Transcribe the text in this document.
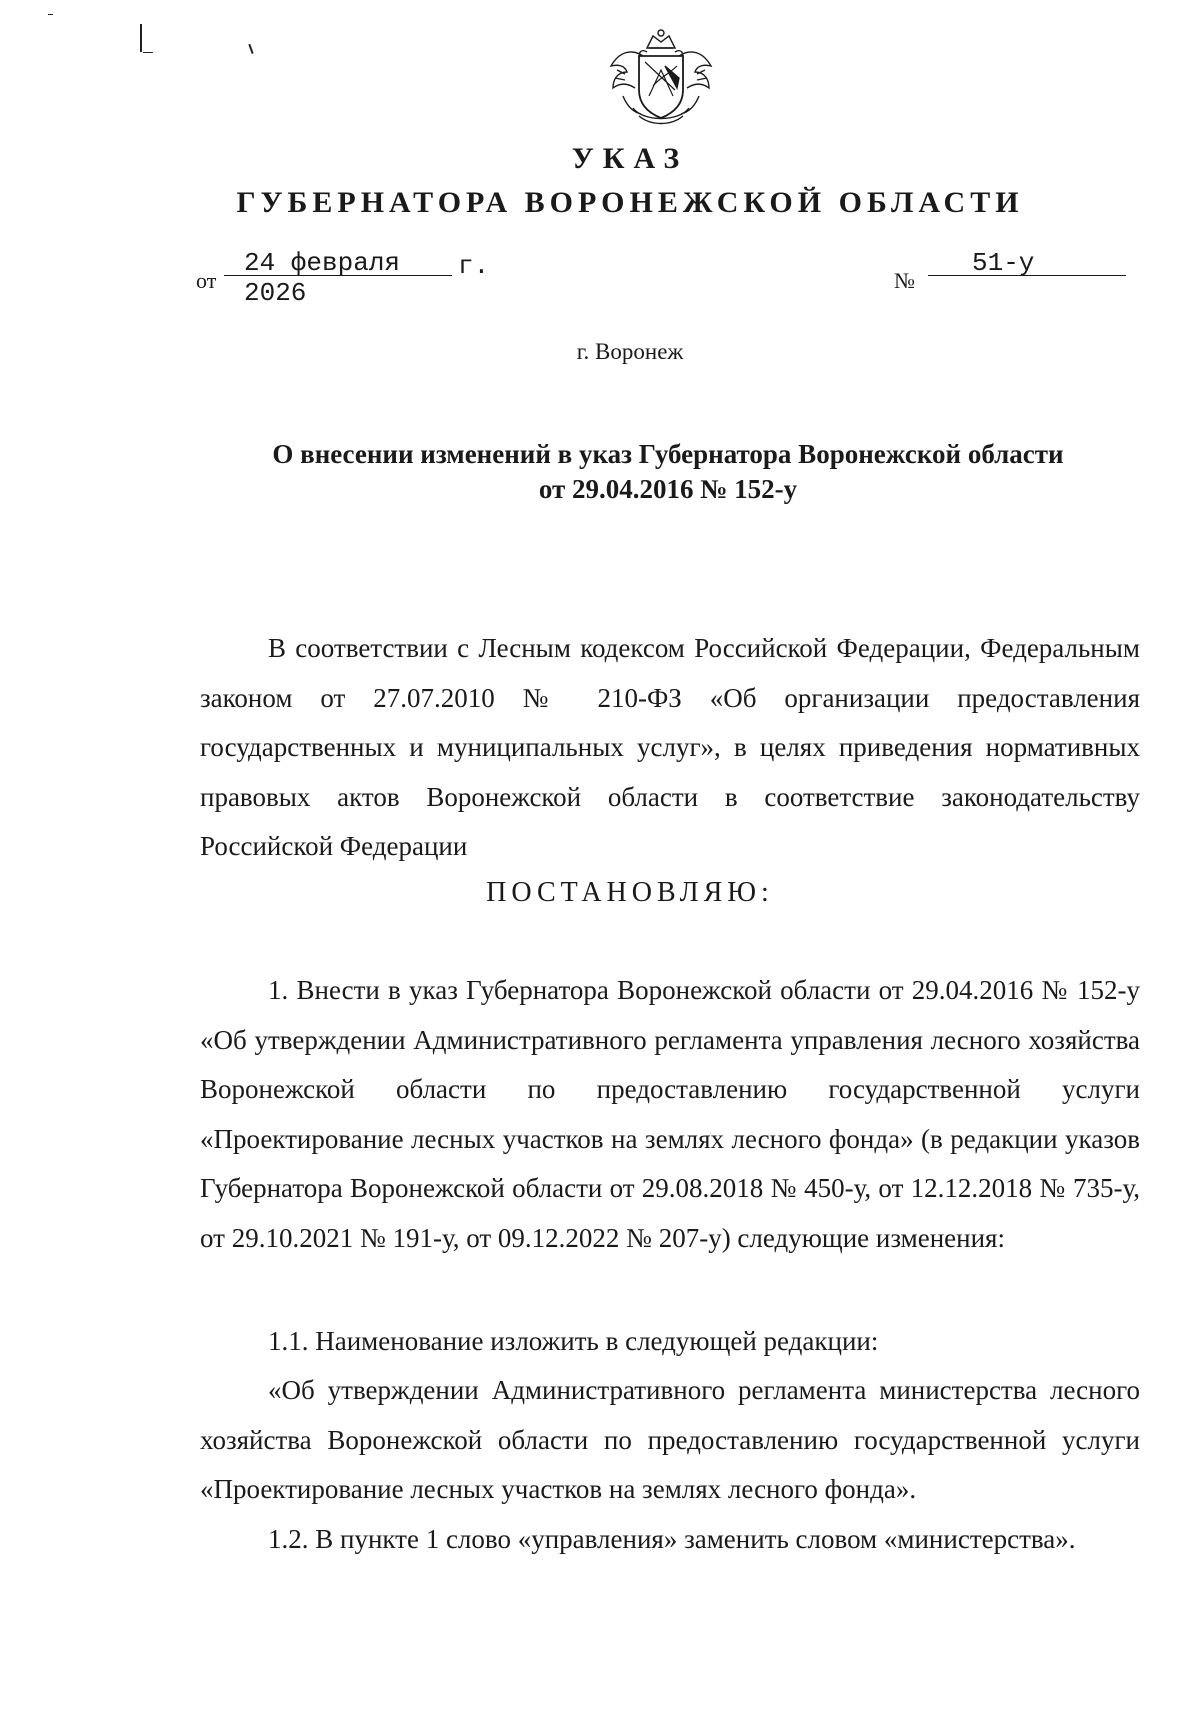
УКАЗ
ГУБЕРНАТОРА ВОРОНЕЖСКОЙ ОБЛАСТИ
от
24 февраля 2026
г.	№
51-у
г. Воронеж
О внесении изменений в указ Губернатора Воронежской области
от 29.04.2016 № 152-у
В соответствии с Лесным кодексом Российской Федерации, Федеральным законом от 27.07.2010 № 210-ФЗ «Об организации предоставления государственных и муниципальных услуг», в целях приведения нормативных правовых актов Воронежской области в соответствие законодательству Российской Федерации
ПОСТАНОВЛЯЮ:
1. Внести в указ Губернатора Воронежской области от 29.04.2016 № 152-у «Об утверждении Административного регламента управления лесного хозяйства Воронежской области по предоставлению государственной услуги «Проектирование лесных участков на землях лесного фонда» (в редакции указов Губернатора Воронежской области от 29.08.2018 № 450-у, от 12.12.2018 № 735-у, от 29.10.2021 № 191-у, от 09.12.2022 № 207-у) следующие изменения:
1.1. Наименование изложить в следующей редакции:
«Об утверждении Административного регламента министерства лесного хозяйства Воронежской области по предоставлению государственной услуги «Проектирование лесных участков на землях лесного фонда».
1.2. В пункте 1 слово «управления» заменить словом «министерства».
